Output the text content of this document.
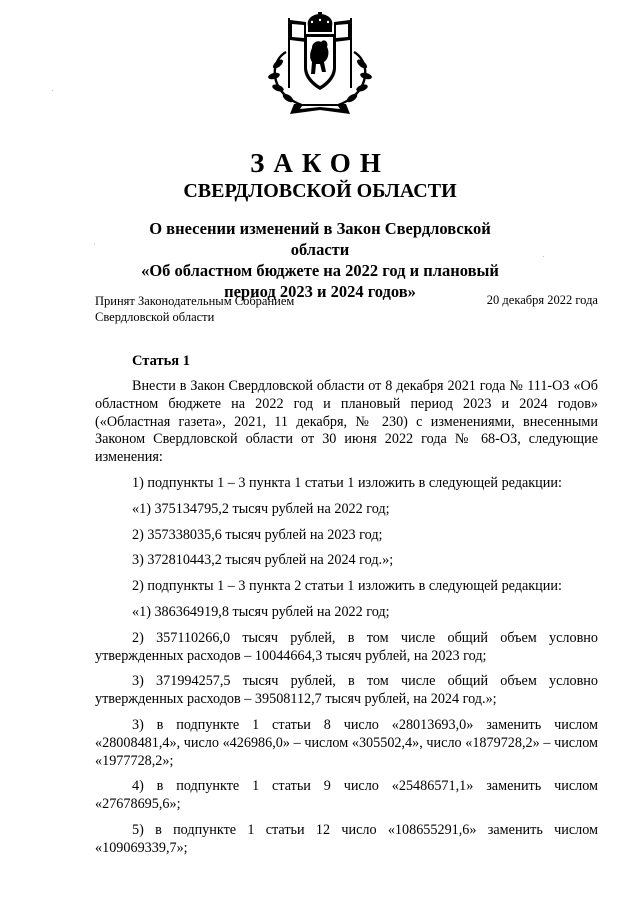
ЗАКОН
СВЕРДЛОВСКОЙ ОБЛАСТИ
О внесении изменений в Закон Свердловской области
«Об областном бюджете на 2022 год и плановый
период 2023 и 2024 годов»
Принят Законодательным Собранием
Свердловской области
20 декабря 2022 года
Статья 1

Внести в Закон Свердловской области от 8 декабря 2021 года № 111-ОЗ «Об областном бюджете на 2022 год и плановый период 2023 и 2024 годов» («Областная газета», 2021, 11 декабря, № 230) с изменениями, внесенными Законом Свердловской области от 30 июня 2022 года № 68-ОЗ, следующие изменения:

1) подпункты 1 – 3 пункта 1 статьи 1 изложить в следующей редакции:

«1) 375134795,2 тысяч рублей на 2022 год;

2) 357338035,6 тысяч рублей на 2023 год;

3) 372810443,2 тысяч рублей на 2024 год.»;

2) подпункты 1 – 3 пункта 2 статьи 1 изложить в следующей редакции:

«1) 386364919,8 тысяч рублей на 2022 год;

2) 357110266,0 тысяч рублей, в том числе общий объем условно утвержденных расходов – 10044664,3 тысяч рублей, на 2023 год;

3) 371994257,5 тысяч рублей, в том числе общий объем условно утвержденных расходов – 39508112,7 тысяч рублей, на 2024 год.»;

3) в подпункте 1 статьи 8 число «28013693,0» заменить числом «28008481,4», число «426986,0» – числом «305502,4», число «1879728,2» – числом «1977728,2»;

4) в подпункте 1 статьи 9 число «25486571,1» заменить числом «27678695,6»;

5) в подпункте 1 статьи 12 число «108655291,6» заменить числом «109069339,7»;
